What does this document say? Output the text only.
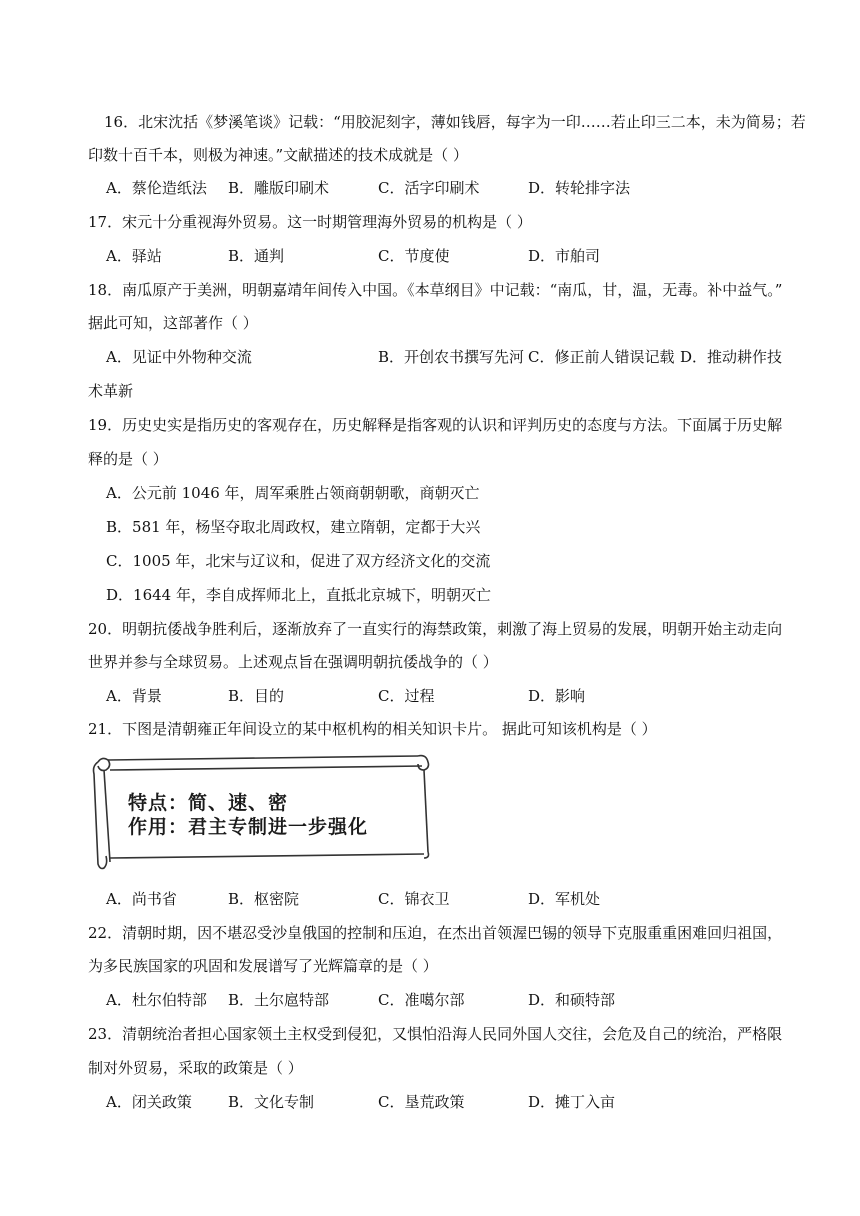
16．北宋沈括《梦溪笔谈》记载：“用胶泥刻字，薄如钱唇，每字为一印……若止印三二本，未为简易；若
印数十百千本，则极为神速。”文献描述的技术成就是（ ）
A．蔡伦造纸法 B．雕版印刷术	C．活字印刷术	D．转轮排字法
17．宋元十分重视海外贸易。这一时期管理海外贸易的机构是（ ）
A．驿站	B．通判	C．节度使	D．市舶司
18．南瓜原产于美洲，明朝嘉靖年间传入中国。《本草纲目》中记载：“南瓜，甘，温，无毒。补中益气。”
据此可知，这部著作（ ）
A．见证中外物种交流	B．开创农书撰写先河 C．修正前人错误记载 D．推动耕作技
术革新
19．历史史实是指历史的客观存在，历史解释是指客观的认识和评判历史的态度与方法。下面属于历史解
释的是（ ）
A．公元前 1046 年，周军乘胜占领商朝朝歌，商朝灭亡
B．581 年，杨坚夺取北周政权，建立隋朝，定都于大兴
C．1005 年，北宋与辽议和，促进了双方经济文化的交流
D．1644 年，李自成挥师北上，直抵北京城下，明朝灭亡
20．明朝抗倭战争胜利后，逐渐放弃了一直实行的海禁政策，刺激了海上贸易的发展，明朝开始主动走向
世界并参与全球贸易。上述观点旨在强调明朝抗倭战争的（ ）
A．背景	B．目的	C．过程	D．影响
21．下图是清朝雍正年间设立的某中枢机构的相关知识卡片。 据此可知该机构是（ ）
特点：简、速、密
作用：君主专制进一步强化
A．尚书省	B．枢密院	C．锦衣卫	D．军机处
22．清朝时期，因不堪忍受沙皇俄国的控制和压迫，在杰出首领渥巴锡的领导下克服重重困难回归祖国，
为多民族国家的巩固和发展谱写了光辉篇章的是（ ）
A．杜尔伯特部 B．土尔扈特部	C．准噶尔部	D．和硕特部
23．清朝统治者担心国家领土主权受到侵犯，又惧怕沿海人民同外国人交往，会危及自己的统治，严格限
制对外贸易，采取的政策是（ ）
A．闭关政策 B．文化专制	C．垦荒政策	D．摊丁入亩
